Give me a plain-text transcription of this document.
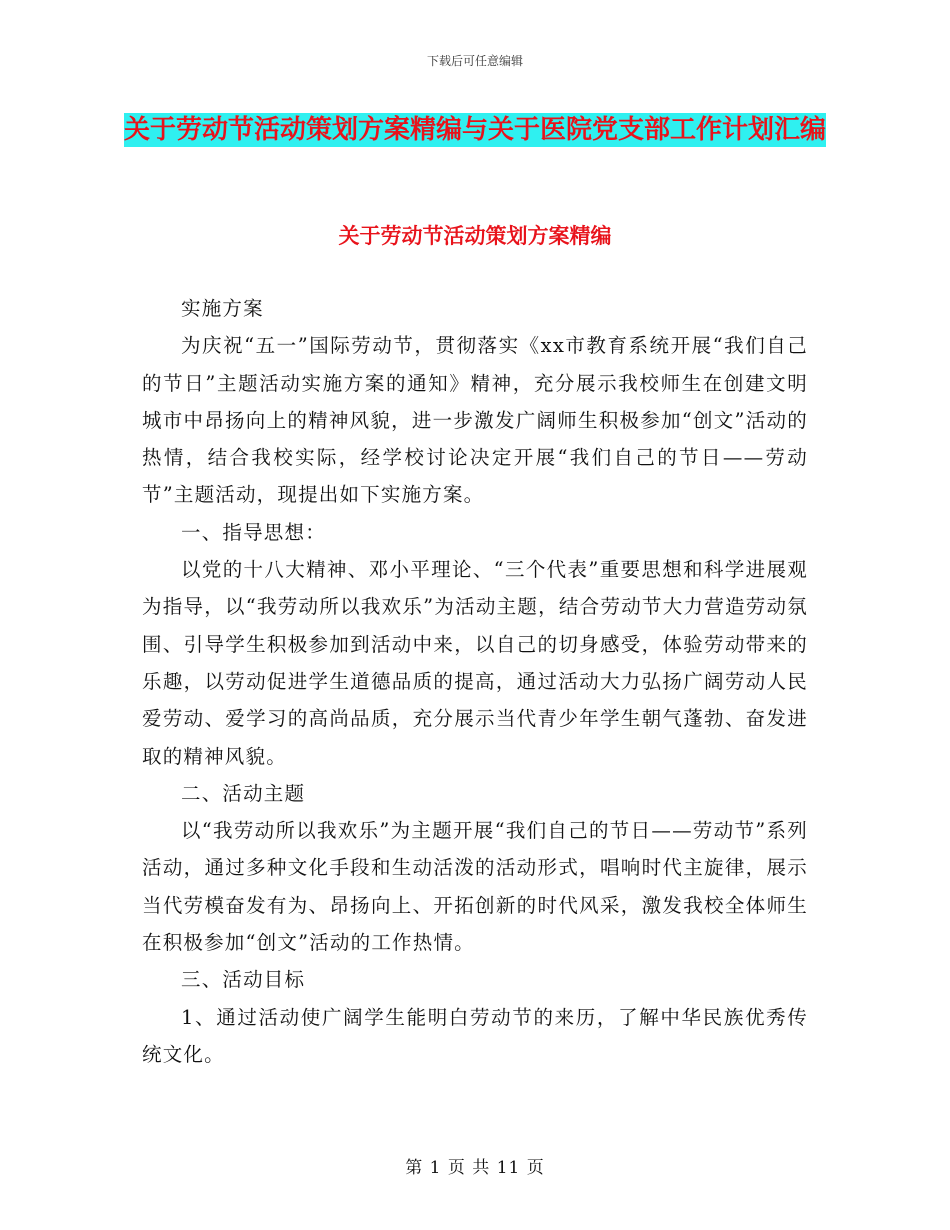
下载后可任意编辑
关于劳动节活动策划方案精编与关于医院党支部工作计划汇编
关于劳动节活动策划方案精编

实施方案

为庆祝“五一”国际劳动节，贯彻落实《xx市教育系统开展“我们自己的节日”主题活动实施方案的通知》精神，充分展示我校师生在创建文明城市中昂扬向上的精神风貌，进一步激发广阔师生积极参加“创文”活动的热情，结合我校实际，经学校讨论决定开展“我们自己的节日——劳动节”主题活动，现提出如下实施方案。

一、指导思想：

以党的十八大精神、邓小平理论、“三个代表”重要思想和科学进展观为指导，以“我劳动所以我欢乐”为活动主题，结合劳动节大力营造劳动氛围、引导学生积极参加到活动中来，以自己的切身感受，体验劳动带来的乐趣，以劳动促进学生道德品质的提高，通过活动大力弘扬广阔劳动人民爱劳动、爱学习的高尚品质，充分展示当代青少年学生朝气蓬勃、奋发进取的精神风貌。

二、活动主题

以“我劳动所以我欢乐”为主题开展“我们自己的节日——劳动节”系列活动，通过多种文化手段和生动活泼的活动形式，唱响时代主旋律，展示当代劳模奋发有为、昂扬向上、开拓创新的时代风采，激发我校全体师生在积极参加“创文”活动的工作热情。

三、活动目标

1、通过活动使广阔学生能明白劳动节的来历，了解中华民族优秀传统文化。

第 1 页 共 11 页
